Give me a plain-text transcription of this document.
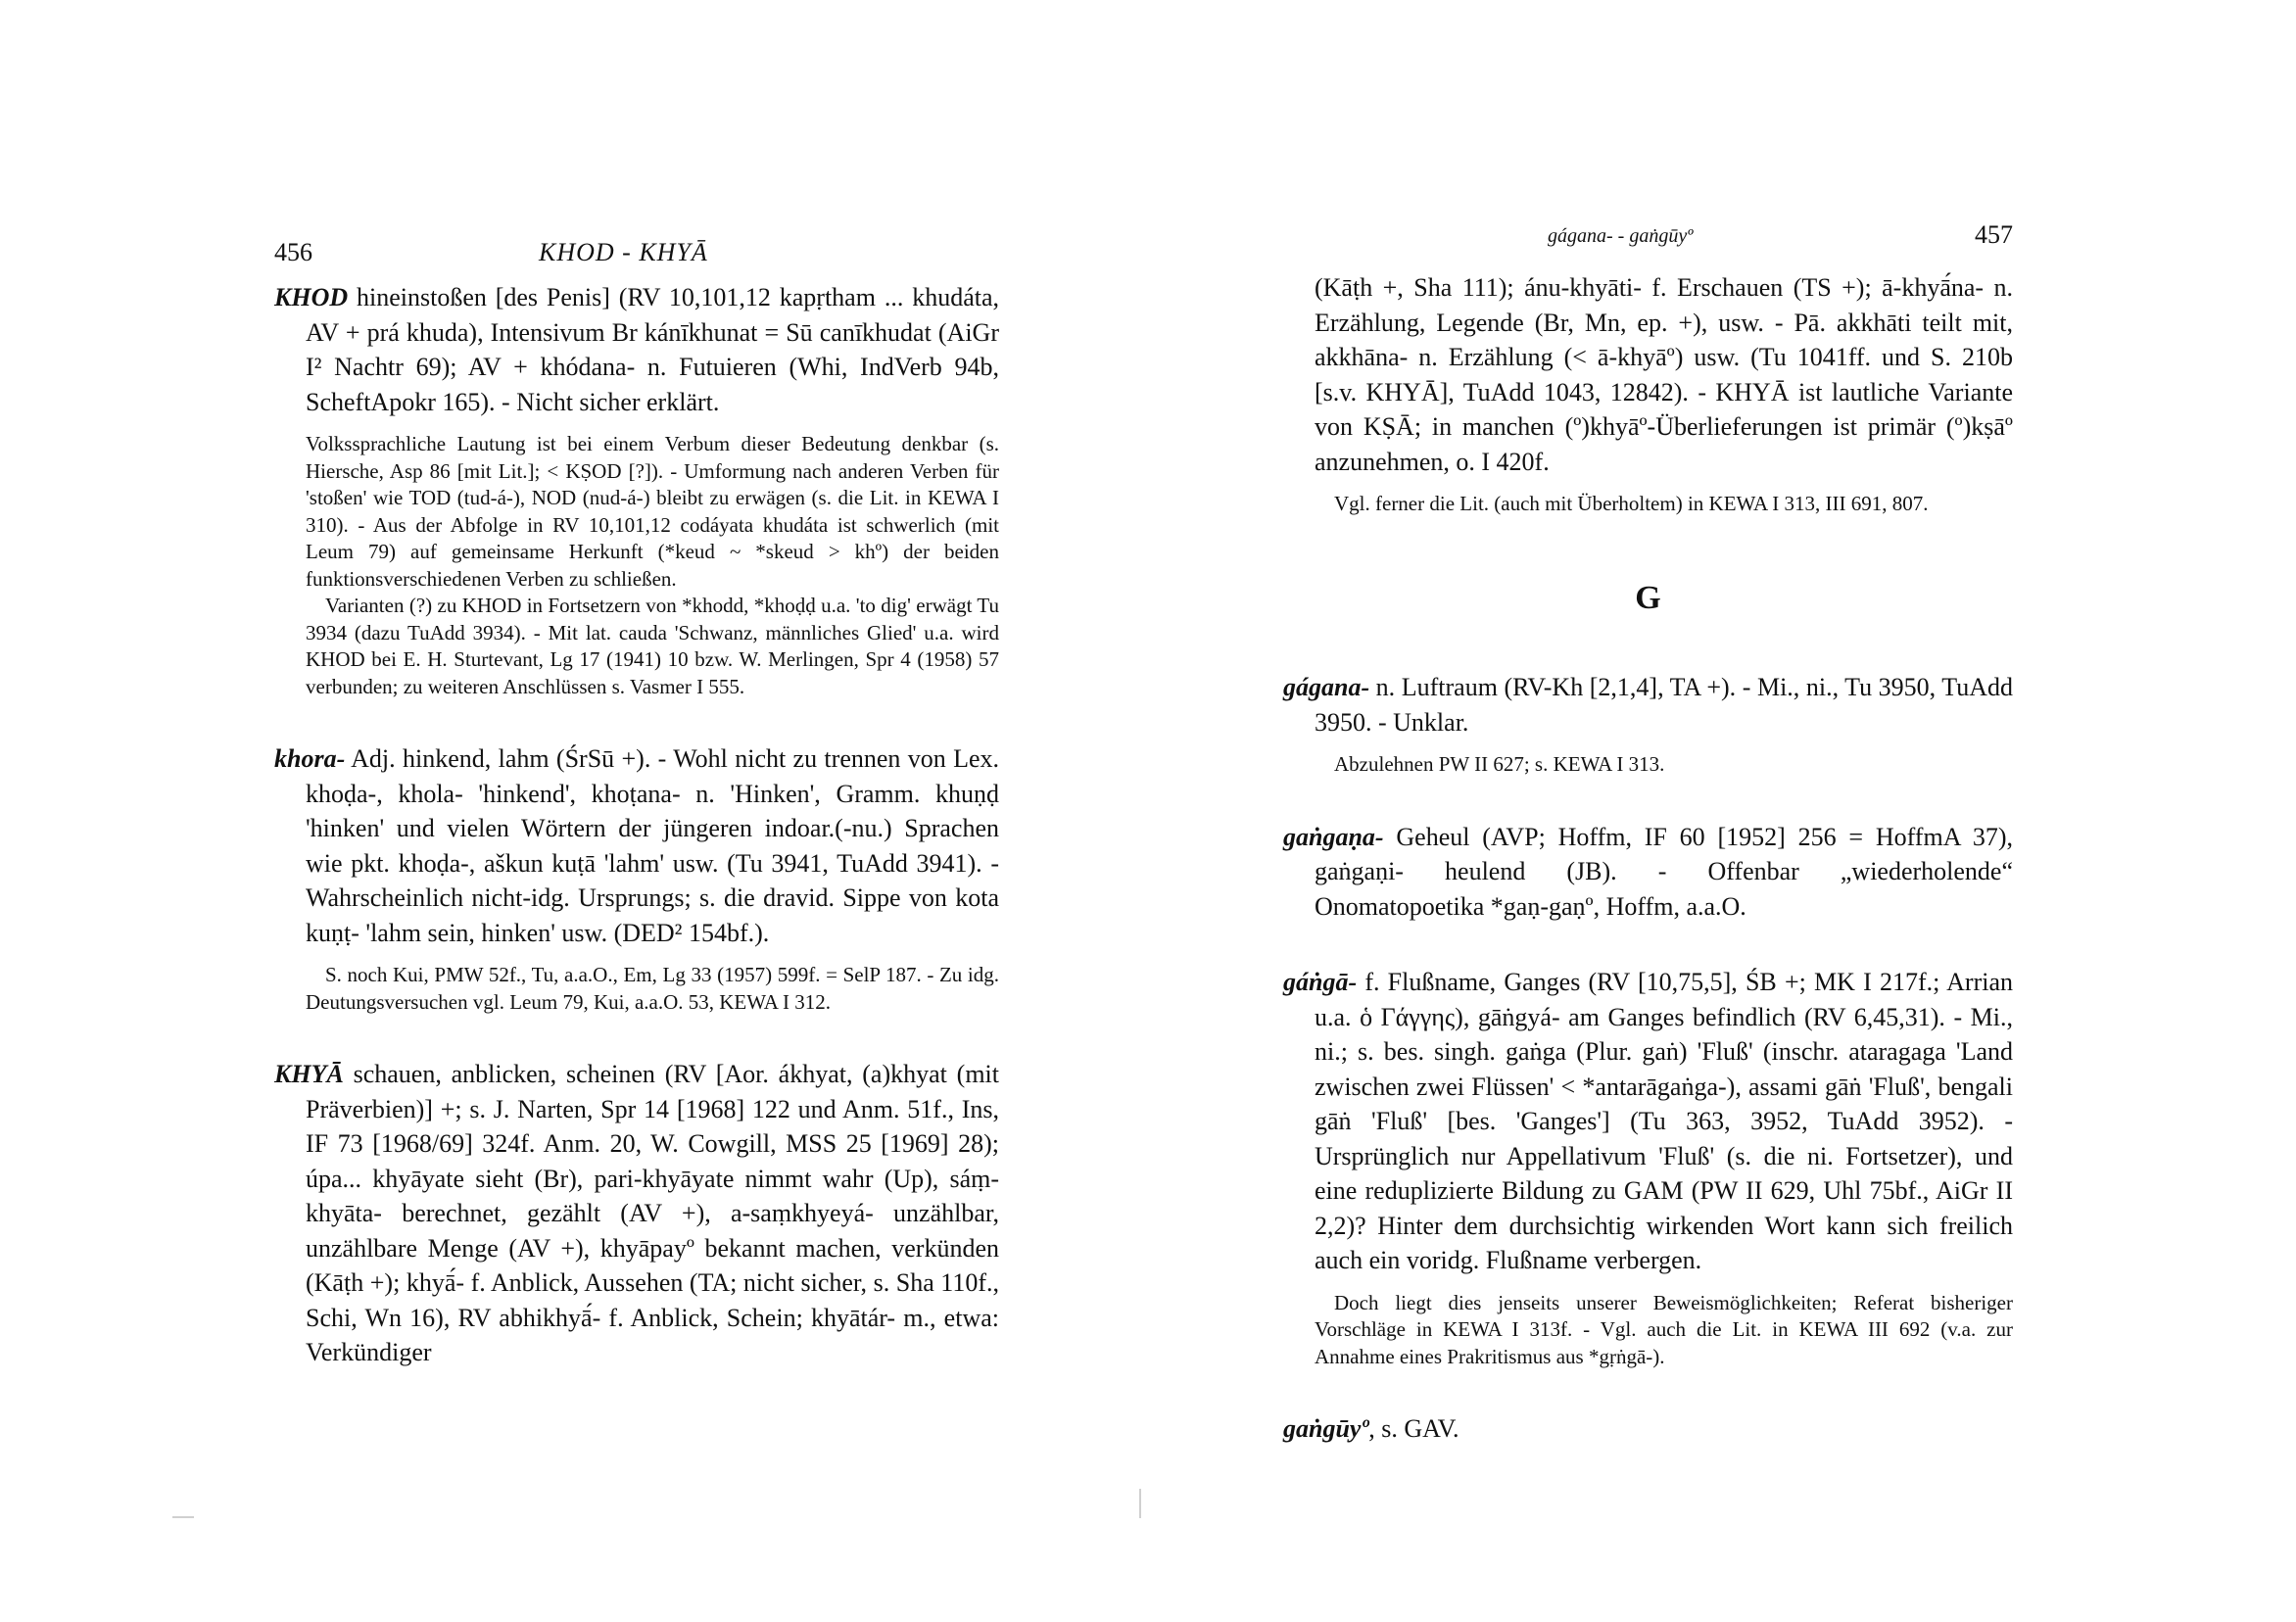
456	KHOD - KHYĀ

KHOD hineinstoßen [des Penis] (RV 10,101,12 kapṛtham ... khudáta, AV + prá khuda), Intensivum Br kánīkhunat = Sū canīkhudat (AiGr I² Nachtr 69); AV + khódana- n. Futuieren (Whi, IndVerb 94b, ScheftApokr 165). - Nicht sicher erklärt.

Volkssprachliche Lautung ist bei einem Verbum dieser Bedeutung denkbar (s. Hiersche, Asp 86 [mit Lit.]; < KṢOD [?]). - Umformung nach anderen Verben für 'stoßen' wie TOD (tud-á-), NOD (nud-á-) bleibt zu erwägen (s. die Lit. in KEWA I 310). - Aus der Abfolge in RV 10,101,12 codáyata khudáta ist schwerlich (mit Leum 79) auf gemeinsame Herkunft (*keud ~ *skeud > khº) der beiden funktionsverschiedenen Verben zu schließen.
Varianten (?) zu KHOD in Fortsetzern von *khodd, *khoḍḍ u.a. 'to dig' erwägt Tu 3934 (dazu TuAdd 3934). - Mit lat. cauda 'Schwanz, männliches Glied' u.a. wird KHOD bei E. H. Sturtevant, Lg 17 (1941) 10 bzw. W. Merlingen, Spr 4 (1958) 57 verbunden; zu weiteren Anschlüssen s. Vasmer I 555.

khora- Adj. hinkend, lahm (ŚrSū +). - Wohl nicht zu trennen von Lex. khoḍa-, khola- 'hinkend', khoṭana- n. 'Hinken', Gramm. khuṇḍ 'hinken' und vielen Wörtern der jüngeren indoar.(-nu.) Sprachen wie pkt. khoḍa-, aškun kuṭā 'lahm' usw. (Tu 3941, TuAdd 3941). - Wahrscheinlich nicht-idg. Ursprungs; s. die dravid. Sippe von kota kuṇṭ- 'lahm sein, hinken' usw. (DED² 154bf.).

S. noch Kui, PMW 52f., Tu, a.a.O., Em, Lg 33 (1957) 599f. = SelP 187. - Zu idg. Deutungsversuchen vgl. Leum 79, Kui, a.a.O. 53, KEWA I 312.

KHYĀ schauen, anblicken, scheinen (RV [Aor. ákhyat, (a)khyat (mit Präverbien)] +; s. J. Narten, Spr 14 [1968] 122 und Anm. 51f., Ins, IF 73 [1968/69] 324f. Anm. 20, W. Cowgill, MSS 25 [1969] 28); úpa... khyāyate sieht (Br), pari-khyāyate nimmt wahr (Up), sáṃ-khyāta- berechnet, gezählt (AV +), a-saṃkhyeyá- unzählbar, unzählbare Menge (AV +), khyāpayº bekannt machen, verkünden (Kāṭh +); khyā́- f. Anblick, Aussehen (TA; nicht sicher, s. Sha 110f., Schi, Wn 16), RV abhikhyā́- f. Anblick, Schein; khyātár- m., etwa: Verkündiger

gágana- - gaṅgūyº	457

(Kāṭh +, Sha 111); ánu-khyāti- f. Erschauen (TS +); ā-khyā́na- n. Erzählung, Legende (Br, Mn, ep. +), usw. - Pā. akkhāti teilt mit, akkhāna- n. Erzählung (< ā-khyāº) usw. (Tu 1041ff. und S. 210b [s.v. KHYĀ], TuAdd 1043, 12842). - KHYĀ ist lautliche Variante von KṢĀ; in manchen (º)khyāº-Überlieferungen ist primär (º)kṣāº anzunehmen, o. I 420f.

Vgl. ferner die Lit. (auch mit Überholtem) in KEWA I 313, III 691, 807.
G

gágana- n. Luftraum (RV-Kh [2,1,4], TA +). - Mi., ni., Tu 3950, TuAdd 3950. - Unklar.

Abzulehnen PW II 627; s. KEWA I 313.

gaṅgaṇa- Geheul (AVP; Hoffm, IF 60 [1952] 256 = HoffmA 37), gaṅgaṇi- heulend (JB). - Offenbar „wiederholende“ Onomatopoetika *gaṇ-gaṇº, Hoffm, a.a.O.

gáṅgā- f. Flußname, Ganges (RV [10,75,5], ŚB +; MK I 217f.; Arrian u.a. ὁ Γάγγης), gāṅgyá- am Ganges befindlich (RV 6,45,31). - Mi., ni.; s. bes. singh. gaṅga (Plur. gaṅ) 'Fluß' (inschr. ataragaga 'Land zwischen zwei Flüssen' < *antarāgaṅga-), assami gāṅ 'Fluß', bengali gāṅ 'Fluß' [bes. 'Ganges'] (Tu 363, 3952, TuAdd 3952). - Ursprünglich nur Appellativum 'Fluß' (s. die ni. Fortsetzer), und eine reduplizierte Bildung zu GAM (PW II 629, Uhl 75bf., AiGr II 2,2)? Hinter dem durchsichtig wirkenden Wort kann sich freilich auch ein voridg. Flußname verbergen.

Doch liegt dies jenseits unserer Beweismöglichkeiten; Referat bisheriger Vorschläge in KEWA I 313f. - Vgl. auch die Lit. in KEWA III 692 (v.a. zur Annahme eines Prakritismus aus *gṛṅgā-).

gaṅgūyº, s. GAV.
